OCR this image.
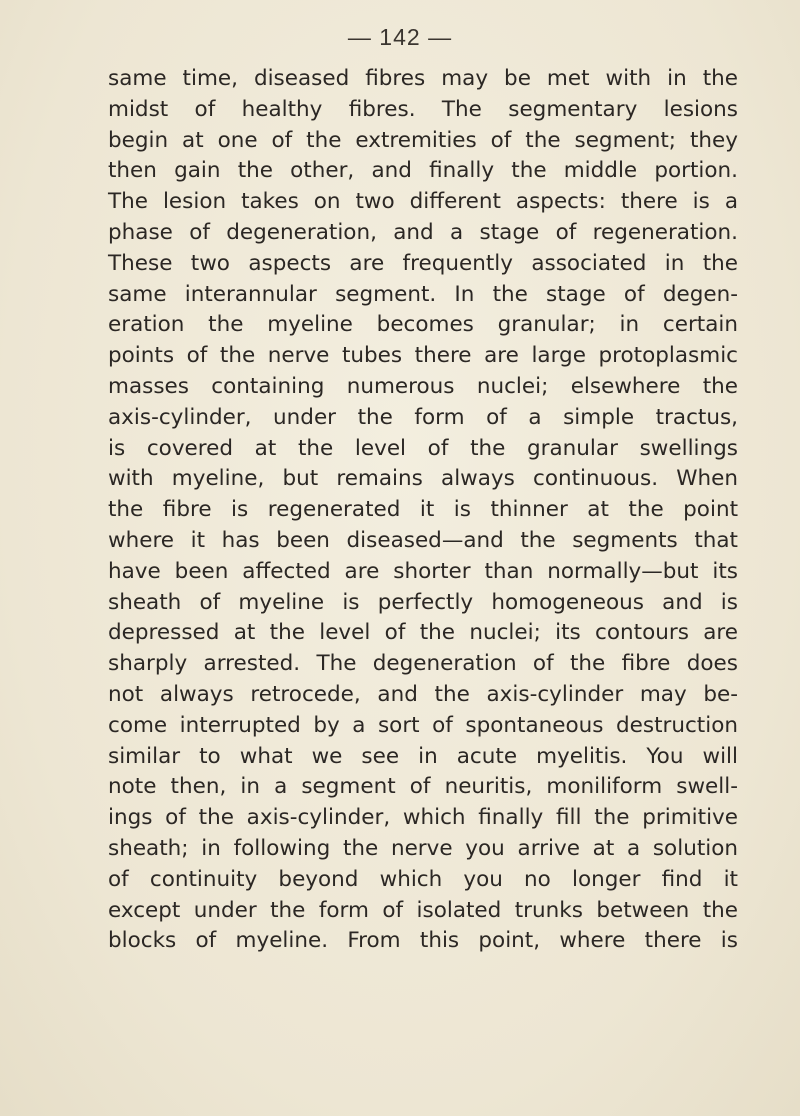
— 142 —
same time, diseased fibres may be met with in the
midst of healthy fibres. The segmentary lesions
begin at one of the extremities of the segment; they
then gain the other, and finally the middle portion.
The lesion takes on two different aspects: there is a
phase of degeneration, and a stage of regeneration.
These two aspects are frequently associated in the
same interannular segment. In the stage of degen-
eration the myeline becomes granular; in certain
points of the nerve tubes there are large protoplasmic
masses containing numerous nuclei; elsewhere the
axis-cylinder, under the form of a simple tractus,
is covered at the level of the granular swellings
with myeline, but remains always continuous. When
the fibre is regenerated it is thinner at the point
where it has been diseased—and the segments that
have been affected are shorter than normally—but its
sheath of myeline is perfectly homogeneous and is
depressed at the level of the nuclei; its contours are
sharply arrested. The degeneration of the fibre does
not always retrocede, and the axis-cylinder may be-
come interrupted by a sort of spontaneous destruction
similar to what we see in acute myelitis. You will
note then, in a segment of neuritis, moniliform swell-
ings of the axis-cylinder, which finally fill the primitive
sheath; in following the nerve you arrive at a solution
of continuity beyond which you no longer find it
except under the form of isolated trunks between the
blocks of myeline. From this point, where there is
